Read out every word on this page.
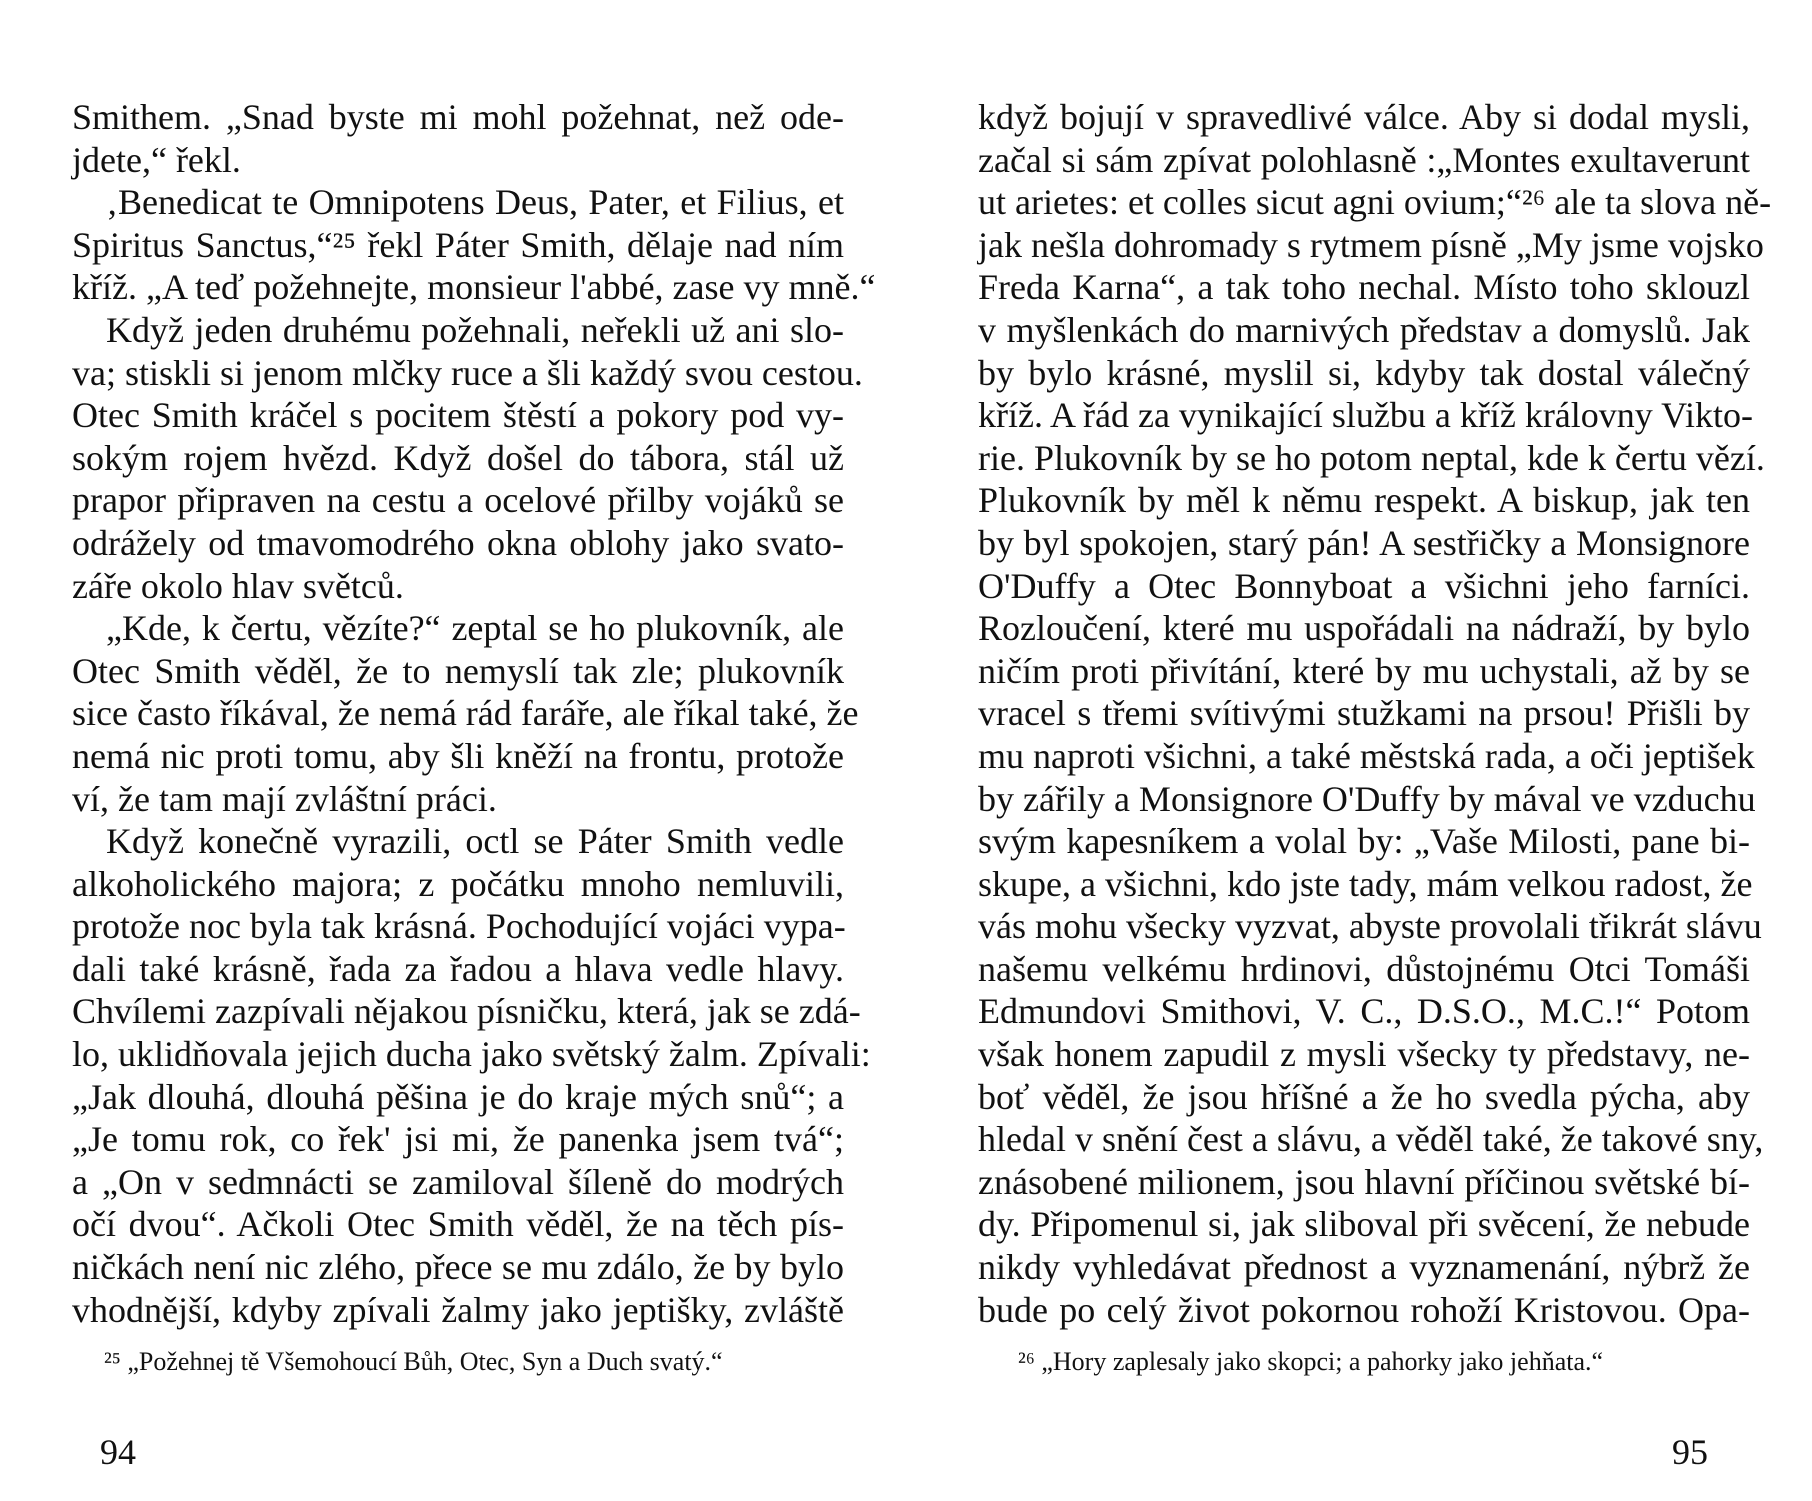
Smithem. „Snad byste mi mohl požehnat, než ode-
jdete,“ řekl.
‚Benedicat te Omnipotens Deus, Pater, et Filius, et
Spiritus Sanctus,“²⁵ řekl Páter Smith, dělaje nad ním
kříž. „A teď požehnejte, monsieur l'abbé, zase vy mně.“
Když jeden druhému požehnali, neřekli už ani slo-
va; stiskli si jenom mlčky ruce a šli každý svou cestou.
Otec Smith kráčel s pocitem štěstí a pokory pod vy-
sokým rojem hvězd. Když došel do tábora, stál už
prapor připraven na cestu a ocelové přilby vojáků se
odrážely od tmavomodrého okna oblohy jako svato-
záře okolo hlav světců.
„Kde, k čertu, vězíte?“ zeptal se ho plukovník, ale
Otec Smith věděl, že to nemyslí tak zle; plukovník
sice často říkával, že nemá rád faráře, ale říkal také, že
nemá nic proti tomu, aby šli kněží na frontu, protože
ví, že tam mají zvláštní práci.
Když konečně vyrazili, octl se Páter Smith vedle
alkoholického majora; z počátku mnoho nemluvili,
protože noc byla tak krásná. Pochodující vojáci vypa-
dali také krásně, řada za řadou a hlava vedle hlavy.
Chvílemi zazpívali nějakou písničku, která, jak se zdá-
lo, uklidňovala jejich ducha jako světský žalm. Zpívali:
„Jak dlouhá, dlouhá pěšina je do kraje mých snů“; a
„Je tomu rok, co řek' jsi mi, že panenka jsem tvá“;
a „On v sedmnácti se zamiloval šíleně do modrých
očí dvou“. Ačkoli Otec Smith věděl, že na těch pís-
ničkách není nic zlého, přece se mu zdálo, že by bylo
vhodnější, kdyby zpívali žalmy jako jeptišky, zvláště
²⁵ „Požehnej tě Všemohoucí Bůh, Otec, Syn a Duch svatý.“
94
když bojují v spravedlivé válce. Aby si dodal mysli,
začal si sám zpívat polohlasně :„Montes exultaverunt
ut arietes: et colles sicut agni ovium;“²⁶ ale ta slova ně-
jak nešla dohromady s rytmem písně „My jsme vojsko
Freda Karna“, a tak toho nechal. Místo toho sklouzl
v myšlenkách do marnivých představ a domyslů. Jak
by bylo krásné, myslil si, kdyby tak dostal válečný
kříž. A řád za vynikající službu a kříž královny Vikto-
rie. Plukovník by se ho potom neptal, kde k čertu vězí.
Plukovník by měl k němu respekt. A biskup, jak ten
by byl spokojen, starý pán! A sestřičky a Monsignore
O'Duffy a Otec Bonnyboat a všichni jeho farníci.
Rozloučení, které mu uspořádali na nádraží, by bylo
ničím proti přivítání, které by mu uchystali, až by se
vracel s třemi svítivými stužkami na prsou! Přišli by
mu naproti všichni, a také městská rada, a oči jeptišek
by zářily a Monsignore O'Duffy by mával ve vzduchu
svým kapesníkem a volal by: „Vaše Milosti, pane bi-
skupe, a všichni, kdo jste tady, mám velkou radost, že
vás mohu všecky vyzvat, abyste provolali třikrát slávu
našemu velkému hrdinovi, důstojnému Otci Tomáši
Edmundovi Smithovi, V. C., D.S.O., M.C.!“ Potom
však honem zapudil z mysli všecky ty představy, ne-
boť věděl, že jsou hříšné a že ho svedla pýcha, aby
hledal v snění čest a slávu, a věděl také, že takové sny,
znásobené milionem, jsou hlavní příčinou světské bí-
dy. Připomenul si, jak sliboval při svěcení, že nebude
nikdy vyhledávat přednost a vyznamenání, nýbrž že
bude po celý život pokornou rohoží Kristovou. Opa-
²⁶ „Hory zaplesaly jako skopci; a pahorky jako jehňata.“
95
